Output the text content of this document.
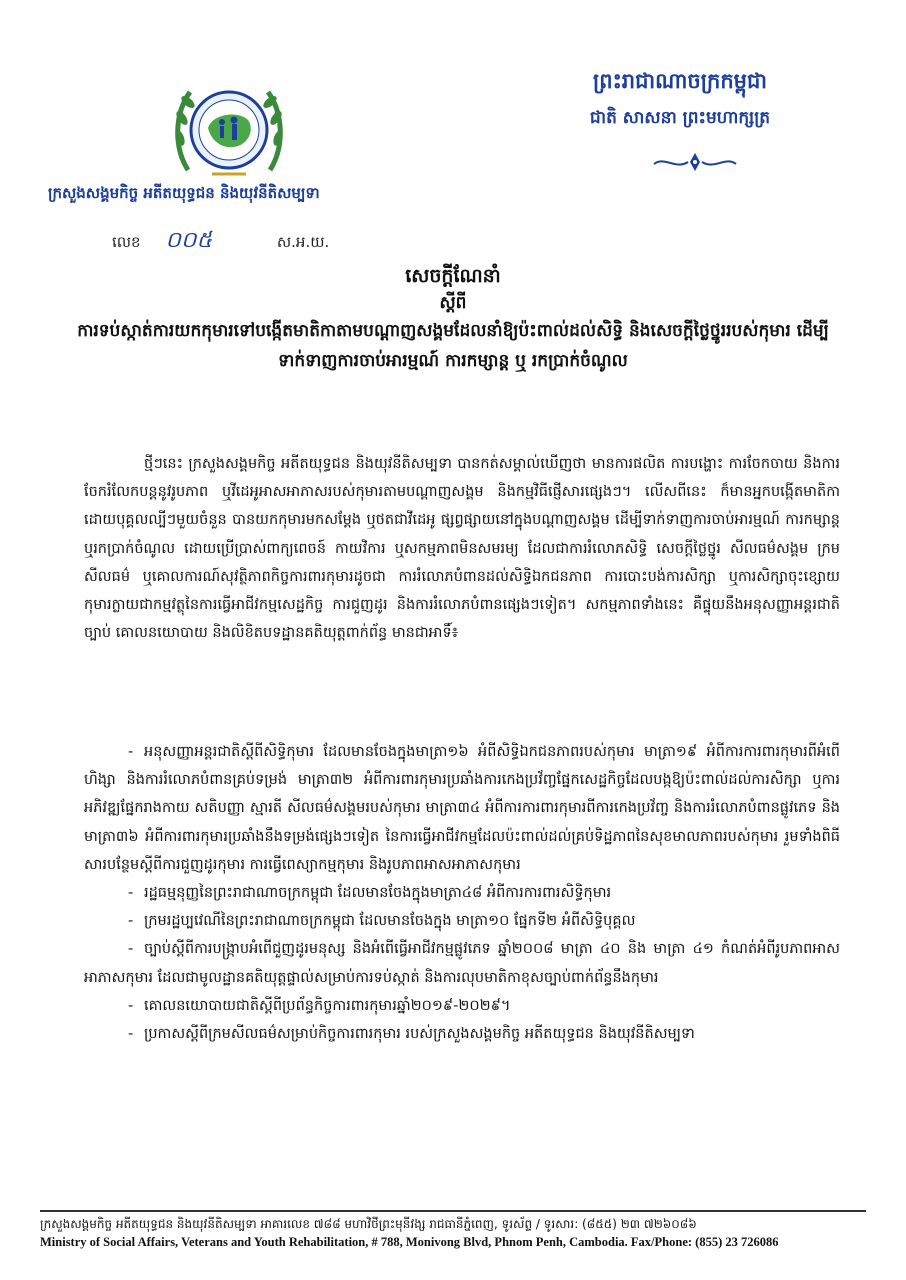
ក្រសួងសង្គមកិច្ច អតីតយុទ្ធជន និងយុវនីតិសម្បទា
លេខ ០០៥	ស.អ.យ.
ព្រះរាជាណាចក្រកម្ពុជា
ជាតិ សាសនា ព្រះមហាក្សត្រ
សេចក្តីណែនាំ
ស្តីពី
ការទប់ស្កាត់ការយកកុមារទៅបង្កើតមាតិកាតាមបណ្តាញសង្គមដែលនាំឱ្យប៉ះពាល់ដល់សិទ្ធិ និងសេចក្តីថ្លៃថ្នូររបស់កុមារ ដើម្បីទាក់ទាញការចាប់អារម្មណ៍ ការកម្សាន្ត ឬ រកប្រាក់ចំណូល

ថ្មីៗនេះ ក្រសួងសង្គមកិច្ច អតីតយុទ្ធជន និងយុវនីតិសម្បទា បានកត់សម្គាល់ឃើញថា មានការផលិត ការបង្ហោះ ការចែកចាយ និងការចែករំលែកបន្តនូវរូបភាព ឬវីដេអូអាសអាភាសរបស់កុមារតាមបណ្តាញសង្គម និងកម្មវិធីផ្ញើសារផ្សេងៗ។ លើសពីនេះ ក៏មានអ្នកបង្កើតមាតិកា ដោយបុគ្គលល្បីៗមួយចំនួន បានយកកុមារមកសម្តែង ឬថតជាវីដេអូ ផ្សព្វផ្សាយនៅក្នុងបណ្តាញសង្គម ដើម្បីទាក់ទាញការចាប់អារម្មណ៍ ការកម្សាន្ត ឬរកប្រាក់ចំណូល ដោយប្រើប្រាស់ពាក្យពេចន៍ កាយវិការ ឬសកម្មភាពមិនសមរម្យ ដែលជាការរំលោភសិទ្ធិ សេចក្តីថ្លៃថ្នូរ សីលធម៌សង្គម ក្រមសីលធម៌ ឬគោលការណ៍សុវត្ថិភាពកិច្ចការពារកុមារដូចជា ការរំលោភបំពានដល់សិទ្ធិឯកជនភាព ការបោះបង់ការសិក្សា ឬការសិក្សាចុះខ្សោយ កុមារក្លាយជាកម្មវត្ថុនៃការធ្វើអាជីវកម្មសេដ្ឋកិច្ច ការជួញដូរ និងការរំលោភបំពានផ្សេងៗទៀត។ សកម្មភាពទាំងនេះ គឺផ្ទុយនឹងអនុសញ្ញាអន្តរជាតិ ច្បាប់ គោលនយោបាយ និងលិខិតបទដ្ឋានគតិយុត្តពាក់ព័ន្ធ មានជាអាទិ៍៖

- អនុសញ្ញាអន្តរជាតិស្តីពីសិទ្ធិកុមារ ដែលមានចែងក្នុងមាត្រា១៦ អំពីសិទ្ធិឯកជនភាពរបស់កុមារ មាត្រា១៩ អំពីការការពារកុមារពីអំពើហិង្សា និងការរំលោភបំពានគ្រប់ទម្រង់ មាត្រា៣២ អំពីការពារកុមារប្រឆាំងការកេងប្រវ័ញ្ចផ្នែកសេដ្ឋកិច្ចដែលបង្កឱ្យប៉ះពាល់ដល់ការសិក្សា ឬការអភិវឌ្ឍផ្នែករាងកាយ សតិបញ្ញា ស្មារតី សីលធម៌សង្គមរបស់កុមារ មាត្រា៣៤ អំពីការការពារកុមារពីការកេងប្រវ័ញ្ច និងការរំលោភបំពានផ្លូវភេទ និងមាត្រា៣៦ អំពីការពារកុមារប្រឆាំងនឹងទម្រង់ផ្សេងៗទៀត នៃការធ្វើអាជីវកម្មដែលប៉ះពាល់ដល់គ្រប់ទិដ្ឋភាពនៃសុខមាលភាពរបស់កុមារ រួមទាំងពិធីសារបន្ថែមស្តីពីការជួញដូរកុមារ ការធ្វើពេស្យាកម្មកុមារ និងរូបភាពអាសអាភាសកុមារ

- រដ្ឋធម្មនុញ្ញនៃព្រះរាជាណាចក្រកម្ពុជា ដែលមានចែងក្នុងមាត្រា៤៨ អំពីការការពារសិទ្ធិកុមារ

- ក្រមរដ្ឋប្បវេណីនៃព្រះរាជាណាចក្រកម្ពុជា ដែលមានចែងក្នុង មាត្រា១០ ផ្នែកទី២ អំពីសិទ្ធិបុគ្គល

- ច្បាប់ស្តីពីការបង្ក្រាបអំពើជួញដូរមនុស្ស និងអំពើធ្វើអាជីវកម្មផ្លូវភេទ ឆ្នាំ២០០៨ មាត្រា ៤០ និង មាត្រា ៤១ កំណត់អំពីរូបភាពអាសអាភាសកុមារ ដែលជាមូលដ្ឋានគតិយុត្តផ្ទាល់សម្រាប់ការទប់ស្កាត់ និងការលុបមាតិកាខុសច្បាប់ពាក់ព័ន្ធនឹងកុមារ

- គោលនយោបាយជាតិស្តីពីប្រព័ន្ធកិច្ចការពារកុមារឆ្នាំ២០១៩-២០២៩។

- ប្រកាសស្តីពីក្រមសីលធម៌សម្រាប់កិច្ចការពារកុមារ របស់ក្រសួងសង្គមកិច្ច អតីតយុទ្ធជន និងយុវនីតិសម្បទា

ក្រសួងសង្គមកិច្ច អតីតយុទ្ធជន និងយុវនីតិសម្បទា អាគារលេខ ៧៨៨ មហាវិថីព្រះមុនីវង្ស រាជធានីភ្នំពេញ, ទូរស័ព្ទ / ទូរសារ: (៨៥៥) ២៣ ៧២៦០៨៦
Ministry of Social Affairs, Veterans and Youth Rehabilitation, # 788, Monivong Blvd, Phnom Penh, Cambodia. Fax/Phone: (855) 23 726086
